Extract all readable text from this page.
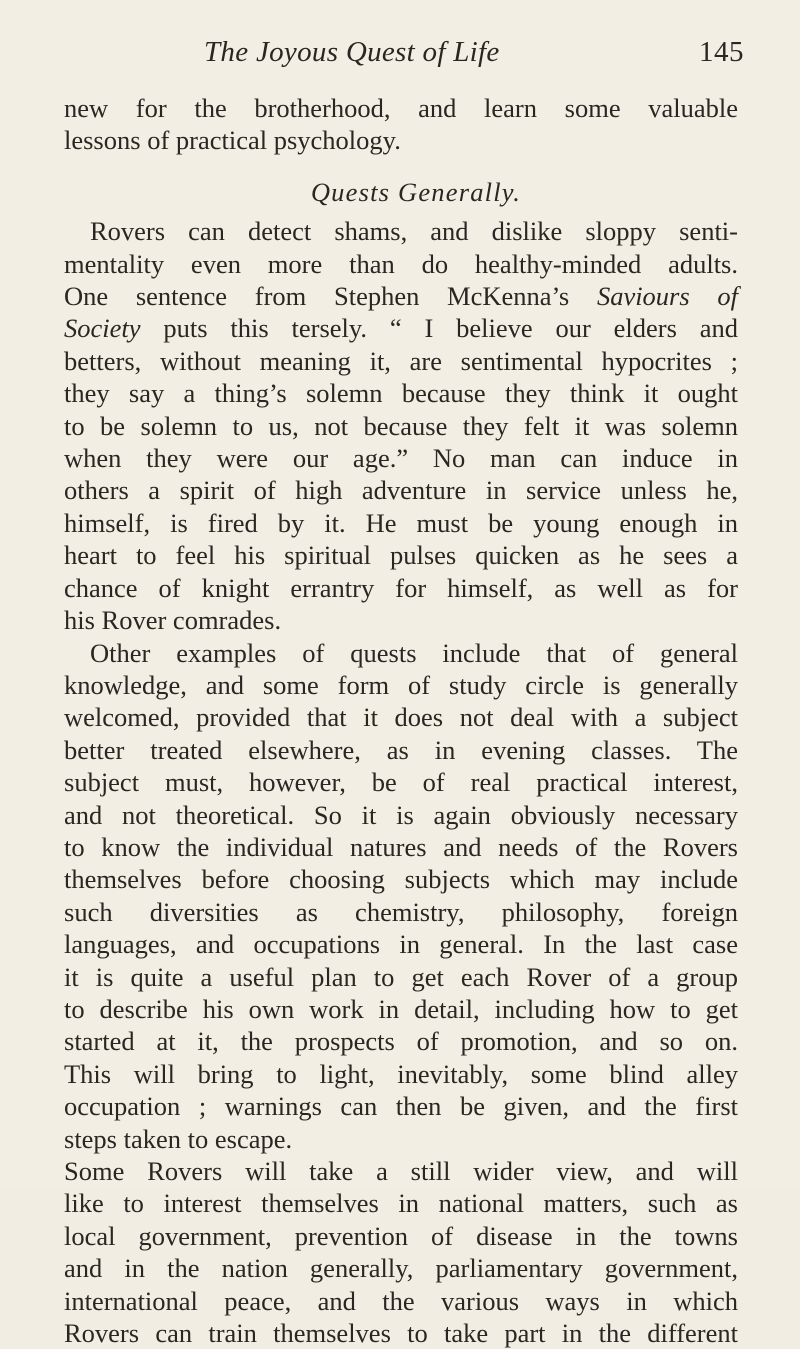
The Joyous Quest of Life	145
new for the brotherhood, and learn some valuable
lessons of practical psychology.
Quests Generally.
Rovers can detect shams, and dislike sloppy senti-
mentality even more than do healthy-minded adults.
One sentence from Stephen McKenna’s Saviours of
Society puts this tersely. “ I believe our elders and
betters, without meaning it, are sentimental hypocrites ;
they say a thing’s solemn because they think it ought
to be solemn to us, not because they felt it was solemn
when they were our age.” No man can induce in
others a spirit of high adventure in service unless he,
himself, is fired by it. He must be young enough in
heart to feel his spiritual pulses quicken as he sees a
chance of knight errantry for himself, as well as for
his Rover comrades.
Other examples of quests include that of general
knowledge, and some form of study circle is generally
welcomed, provided that it does not deal with a subject
better treated elsewhere, as in evening classes. The
subject must, however, be of real practical interest,
and not theoretical. So it is again obviously necessary
to know the individual natures and needs of the Rovers
themselves before choosing subjects which may include
such diversities as chemistry, philosophy, foreign
languages, and occupations in general. In the last case
it is quite a useful plan to get each Rover of a group
to describe his own work in detail, including how to get
started at it, the prospects of promotion, and so on.
This will bring to light, inevitably, some blind alley
occupation ; warnings can then be given, and the first
steps taken to escape.
Some Rovers will take a still wider view, and will
like to interest themselves in national matters, such as
local government, prevention of disease in the towns
and in the nation generally, parliamentary government,
international peace, and the various ways in which
Rovers can train themselves to take part in the different
